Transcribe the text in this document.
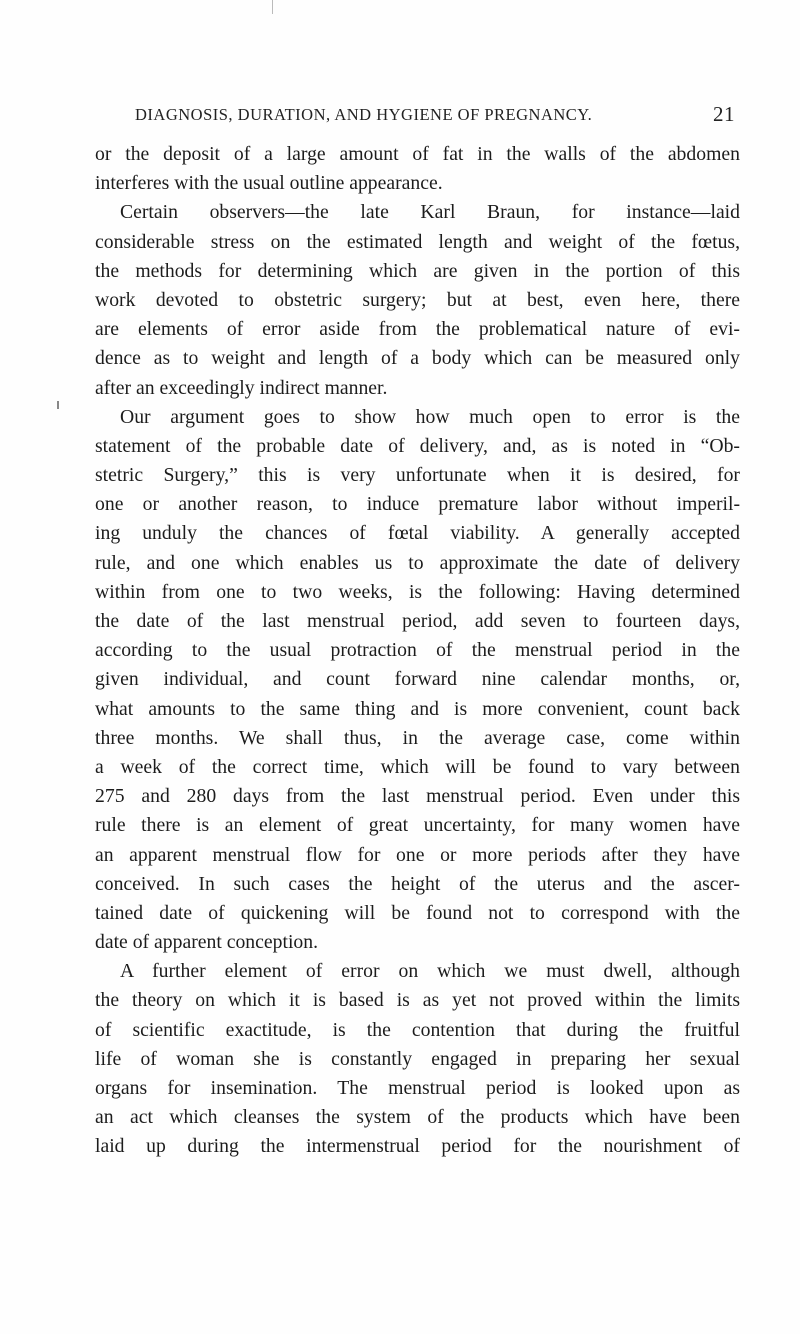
DIAGNOSIS, DURATION, AND HYGIENE OF PREGNANCY.	21
or the deposit of a large amount of fat in the walls of the abdomen
interferes with the usual outline appearance.
Certain observers—the late Karl Braun, for instance—laid
considerable stress on the estimated length and weight of the fœtus,
the methods for determining which are given in the portion of this
work devoted to obstetric surgery; but at best, even here, there
are elements of error aside from the problematical nature of evi-
dence as to weight and length of a body which can be measured only
after an exceedingly indirect manner.
Our argument goes to show how much open to error is the
statement of the probable date of delivery, and, as is noted in “Ob-
stetric Surgery,” this is very unfortunate when it is desired, for
one or another reason, to induce premature labor without imperil-
ing unduly the chances of fœtal viability. A generally accepted
rule, and one which enables us to approximate the date of delivery
within from one to two weeks, is the following: Having determined
the date of the last menstrual period, add seven to fourteen days,
according to the usual protraction of the menstrual period in the
given individual, and count forward nine calendar months, or,
what amounts to the same thing and is more convenient, count back
three months. We shall thus, in the average case, come within
a week of the correct time, which will be found to vary between
275 and 280 days from the last menstrual period. Even under this
rule there is an element of great uncertainty, for many women have
an apparent menstrual flow for one or more periods after they have
conceived. In such cases the height of the uterus and the ascer-
tained date of quickening will be found not to correspond with the
date of apparent conception.
A further element of error on which we must dwell, although
the theory on which it is based is as yet not proved within the limits
of scientific exactitude, is the contention that during the fruitful
life of woman she is constantly engaged in preparing her sexual
organs for insemination. The menstrual period is looked upon as
an act which cleanses the system of the products which have been
laid up during the intermenstrual period for the nourishment of
